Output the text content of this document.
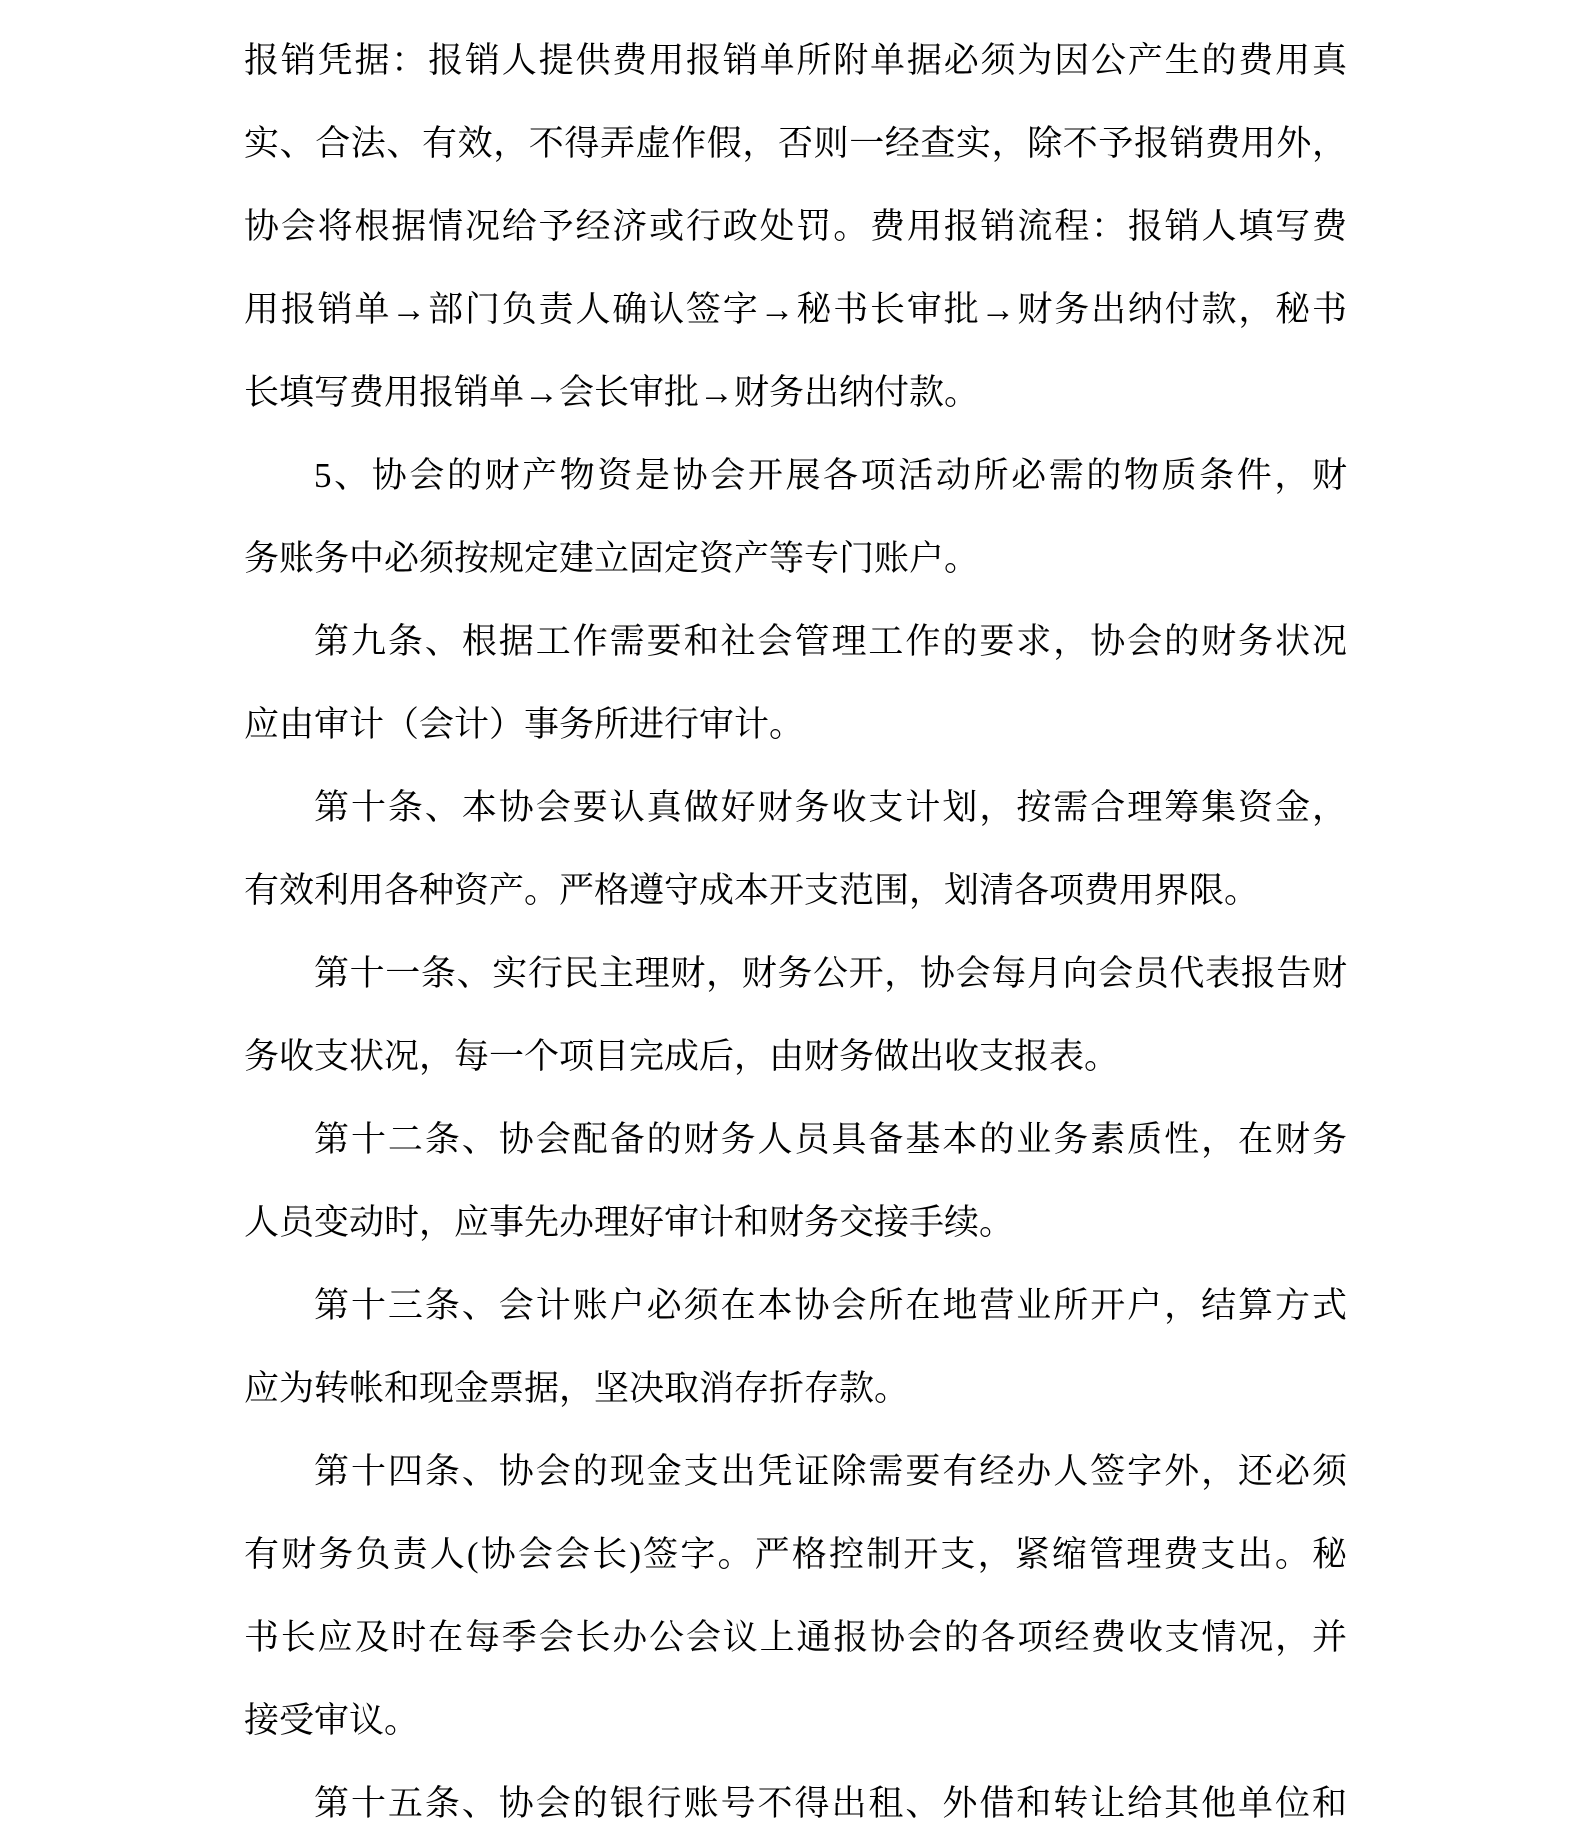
报销凭据：报销人提供费用报销单所附单据必须为因公产生的费用真
实、合法、有效，不得弄虚作假，否则一经查实，除不予报销费用外，
协会将根据情况给予经济或行政处罚。费用报销流程：报销人填写费
用报销单→部门负责人确认签字→秘书长审批→财务出纳付款，秘书
长填写费用报销单→会长审批→财务出纳付款。
5、协会的财产物资是协会开展各项活动所必需的物质条件，财
务账务中必须按规定建立固定资产等专门账户。
第九条、根据工作需要和社会管理工作的要求，协会的财务状况
应由审计（会计）事务所进行审计。
第十条、本协会要认真做好财务收支计划，按需合理筹集资金，
有效利用各种资产。严格遵守成本开支范围，划清各项费用界限。
第十一条、实行民主理财，财务公开，协会每月向会员代表报告财
务收支状况，每一个项目完成后，由财务做出收支报表。
第十二条、协会配备的财务人员具备基本的业务素质性，在财务
人员变动时，应事先办理好审计和财务交接手续。
第十三条、会计账户必须在本协会所在地营业所开户，结算方式
应为转帐和现金票据，坚决取消存折存款。
第十四条、协会的现金支出凭证除需要有经办人签字外，还必须
有财务负责人(协会会长)签字。严格控制开支，紧缩管理费支出。秘
书长应及时在每季会长办公会议上通报协会的各项经费收支情况，并
接受审议。
第十五条、协会的银行账号不得出租、外借和转让给其他单位和
